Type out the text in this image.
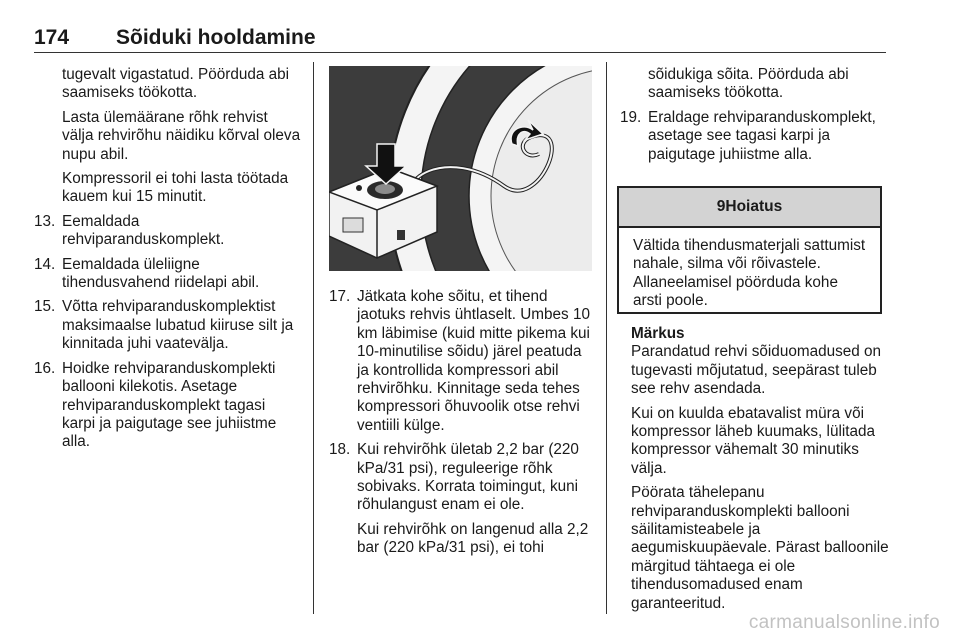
174 Sõiduki hooldamine

tugevalt vigastatud. Pöörduda abi saamiseks töökotta.

Lasta ülemäärane rõhk rehvist välja rehvirõhu näidiku kõrval oleva nupu abil.

Kompressoril ei tohi lasta töötada kauem kui 15 minutit.

13. Eemaldada rehviparanduskomplekt.
14. Eemaldada üleliigne tihendusvahend riidelapi abil.
15. Võtta rehviparanduskomplektist maksimaalse lubatud kiiruse silt ja kinnitada juhi vaatevälja.
16. Hoidke rehviparanduskomplekti ballooni kilekotis. Asetage rehviparanduskomplekt tagasi karpi ja paigutage see juhiistme alla.
17. Jätkata kohe sõitu, et tihend jaotuks rehvis ühtlaselt. Umbes 10 km läbimise (kuid mitte pikema kui 10-minutilise sõidu) järel peatuda ja kontrollida kompressori abil rehvirõhku. Kinnitage seda tehes kompressori õhuvoolik otse rehvi ventiili külge.
18. Kui rehvirõhk ületab 2,2 bar (220 kPa/31 psi), reguleerige rõhk sobivaks. Korrata toimingut, kuni rõhulangust enam ei ole.

Kui rehvirõhk on langenud alla 2,2 bar (220 kPa/31 psi), ei tohi

sõidukiga sõita. Pöörduda abi saamiseks töökotta.

19. Eraldage rehviparanduskomplekt, asetage see tagasi karpi ja paigutage juhiistme alla.
9 Hoiatus
Vältida tihendusmaterjali sattumist nahale, silma või rõivastele. Allaneelamisel pöörduda kohe arsti poole.

Märkus

Parandatud rehvi sõiduomadused on tugevasti mõjutatud, seepärast tuleb see rehv asendada.

Kui on kuulda ebatavalist müra või kompressor läheb kuumaks, lülitada kompressor vähemalt 30 minutiks välja.

Pöörata tähelepanu rehviparanduskomplekti ballooni säilitamisteabele ja aegumiskuupäevale. Pärast balloonile märgitud tähtaega ei ole tihendusomadused enam garanteeritud.

carmanualsonline.info
